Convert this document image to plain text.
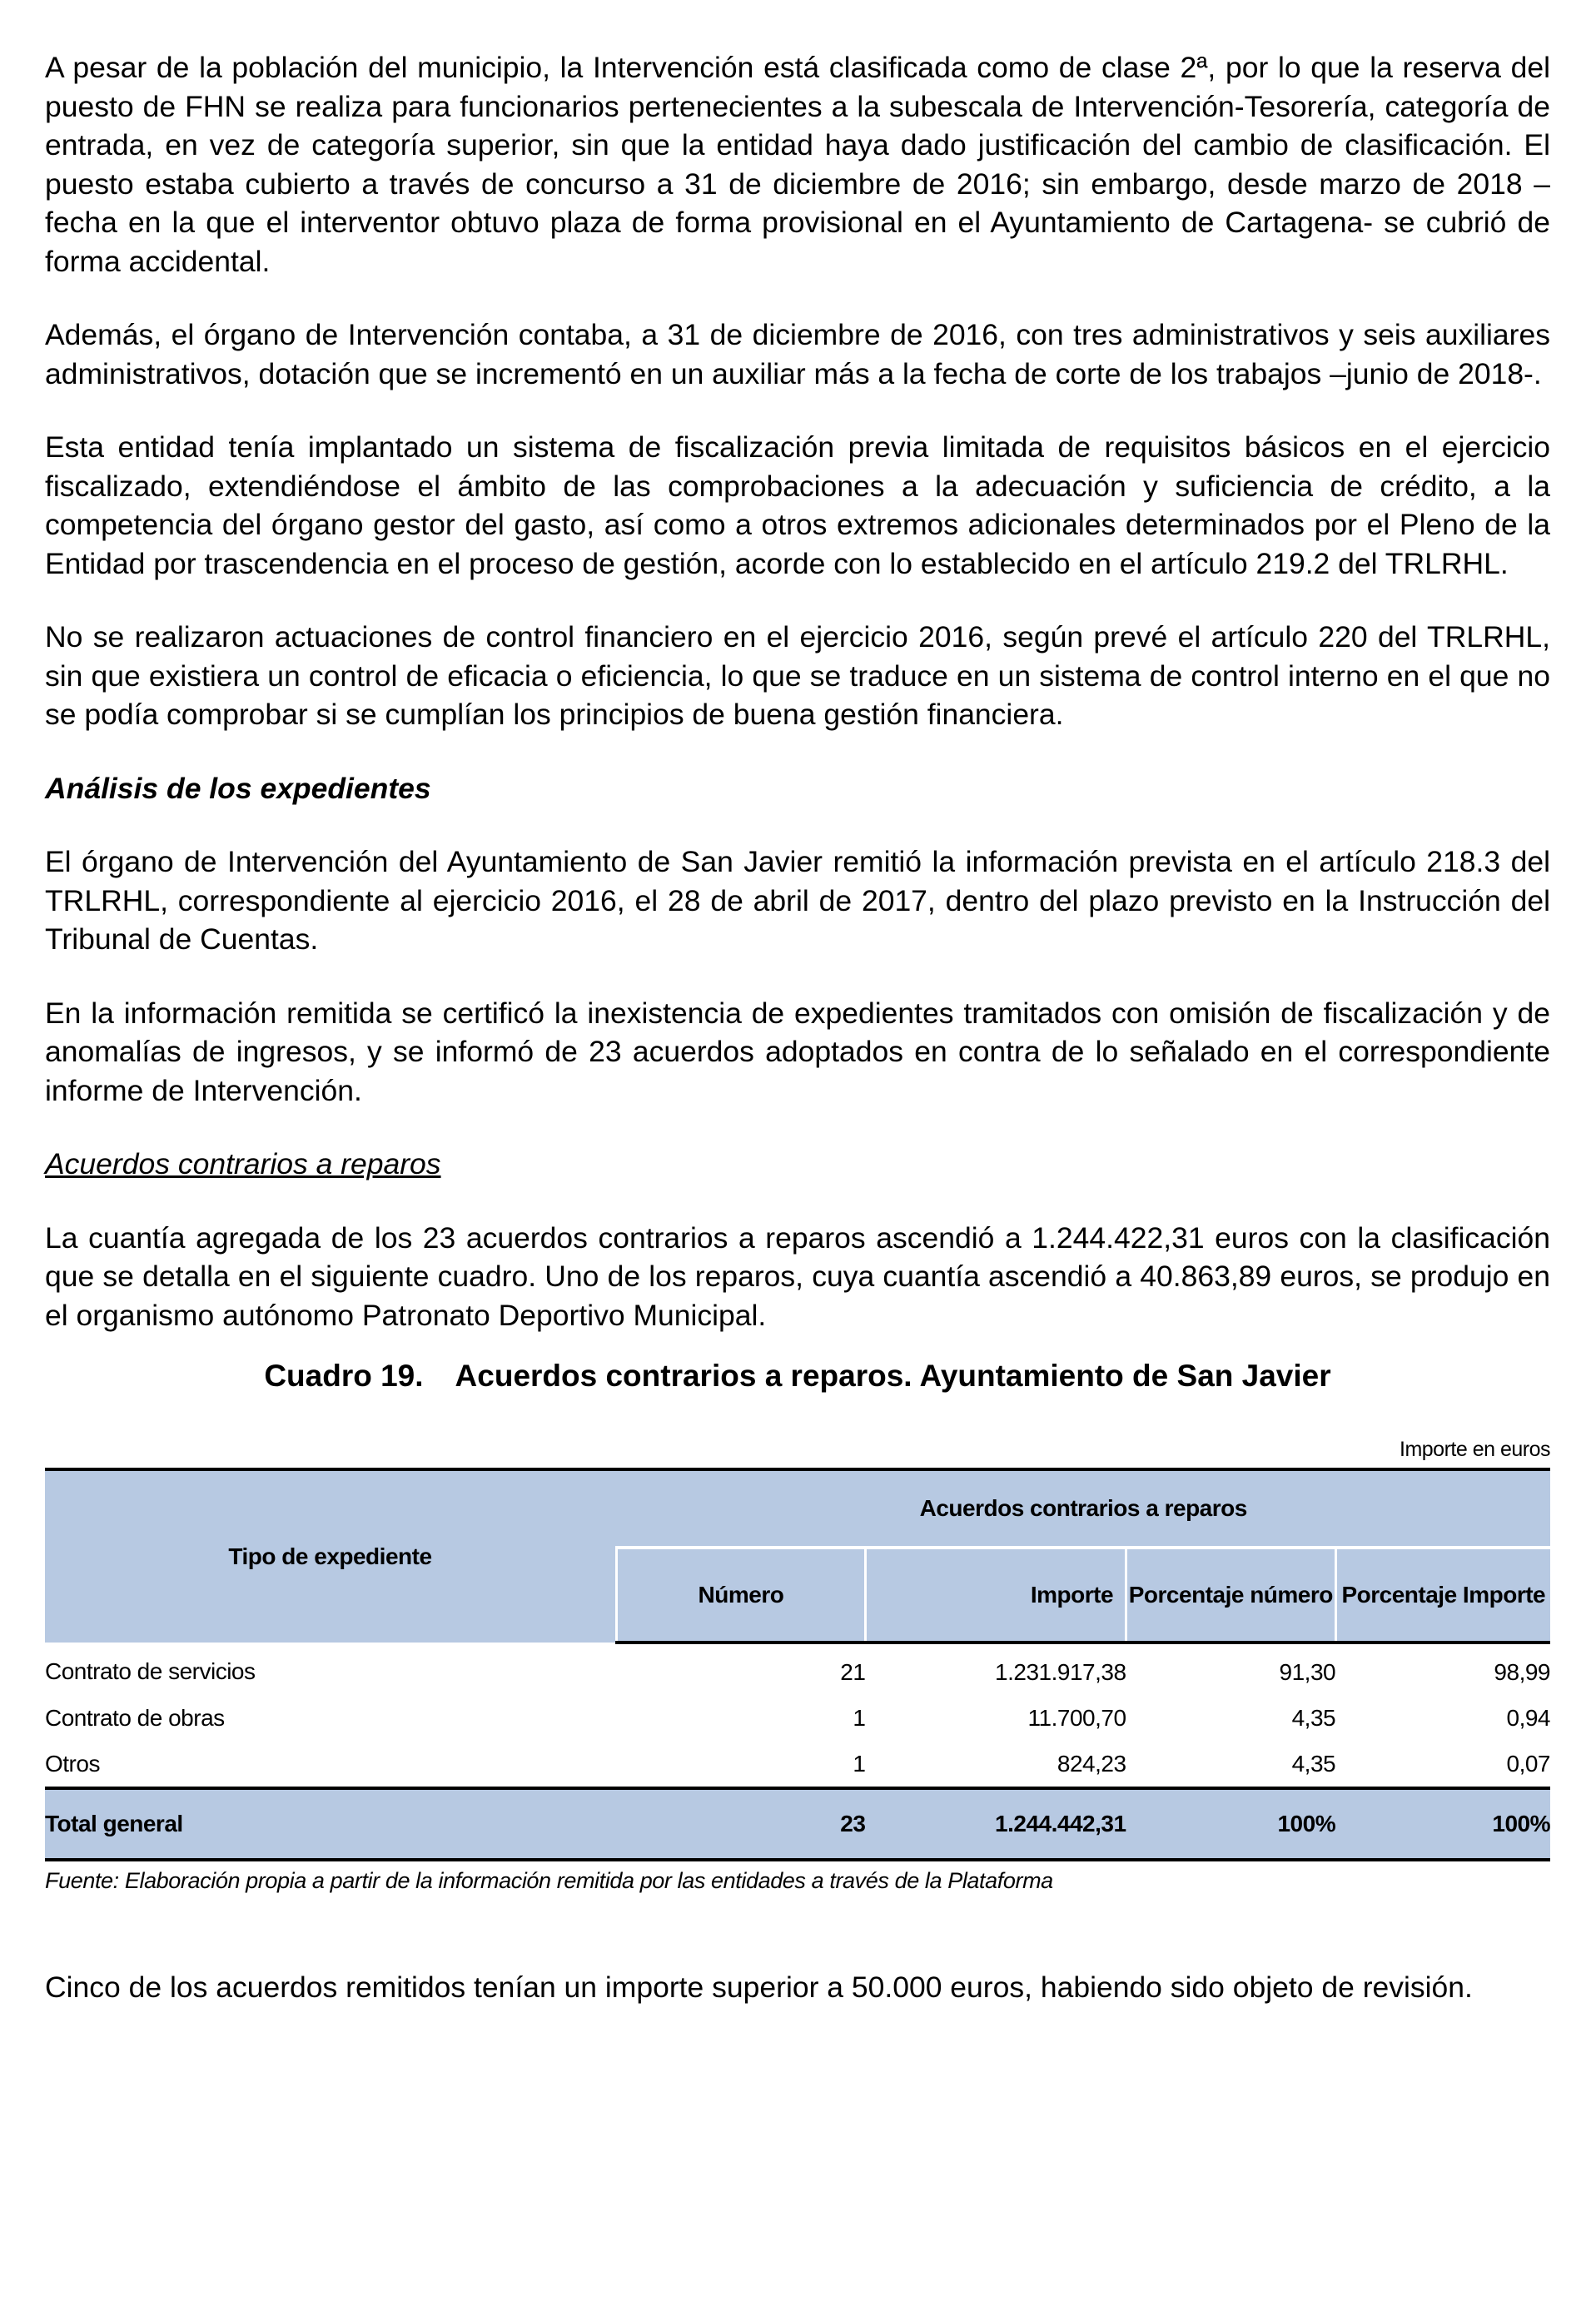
A pesar de la población del municipio, la Intervención está clasificada como de clase 2ª, por lo que la reserva del puesto de FHN se realiza para funcionarios pertenecientes a la subescala de Intervención-Tesorería, categoría de entrada, en vez de categoría superior, sin que la entidad haya dado justificación del cambio de clasificación. El puesto estaba cubierto a través de concurso a 31 de diciembre de 2016; sin embargo, desde marzo de 2018 –fecha en la que el interventor obtuvo plaza de forma provisional en el Ayuntamiento de Cartagena- se cubrió de forma accidental.

Además, el órgano de Intervención contaba, a 31 de diciembre de 2016, con tres administrativos y seis auxiliares administrativos, dotación que se incrementó en un auxiliar más a la fecha de corte de los trabajos –junio de 2018-.

Esta entidad tenía implantado un sistema de fiscalización previa limitada de requisitos básicos en el ejercicio fiscalizado, extendiéndose el ámbito de las comprobaciones a la adecuación y suficiencia de crédito, a la competencia del órgano gestor del gasto, así como a otros extremos adicionales determinados por el Pleno de la Entidad por trascendencia en el proceso de gestión, acorde con lo establecido en el artículo 219.2 del TRLRHL.

No se realizaron actuaciones de control financiero en el ejercicio 2016, según prevé el artículo 220 del TRLRHL, sin que existiera un control de eficacia o eficiencia, lo que se traduce en un sistema de control interno en el que no se podía comprobar si se cumplían los principios de buena gestión financiera.

Análisis de los expedientes

El órgano de Intervención del Ayuntamiento de San Javier remitió la información prevista en el artículo 218.3 del TRLRHL, correspondiente al ejercicio 2016, el 28 de abril de 2017, dentro del plazo previsto en la Instrucción del Tribunal de Cuentas.

En la información remitida se certificó la inexistencia de expedientes tramitados con omisión de fiscalización y de anomalías de ingresos, y se informó de 23 acuerdos adoptados en contra de lo señalado en el correspondiente informe de Intervención.

Acuerdos contrarios a reparos

La cuantía agregada de los 23 acuerdos contrarios a reparos ascendió a 1.244.422,31 euros con la clasificación que se detalla en el siguiente cuadro. Uno de los reparos, cuya cuantía ascendió a 40.863,89 euros, se produjo en el organismo autónomo Patronato Deportivo Municipal.

Cuadro 19. Acuerdos contrarios a reparos. Ayuntamiento de San Javier
Importe en euros
Tipo de expediente	Acuerdos contrarios a reparos			
	Número	Importe	Porcentaje número	Porcentaje Importe
Contrato de servicios	21	1.231.917,38	91,30	98,99
Contrato de obras	1	11.700,70	4,35	0,94
Otros	1	824,23	4,35	0,07
Total general	23	1.244.442,31	100%	100%
Fuente: Elaboración propia a partir de la información remitida por las entidades a través de la Plataforma

Cinco de los acuerdos remitidos tenían un importe superior a 50.000 euros, habiendo sido objeto de revisión.
